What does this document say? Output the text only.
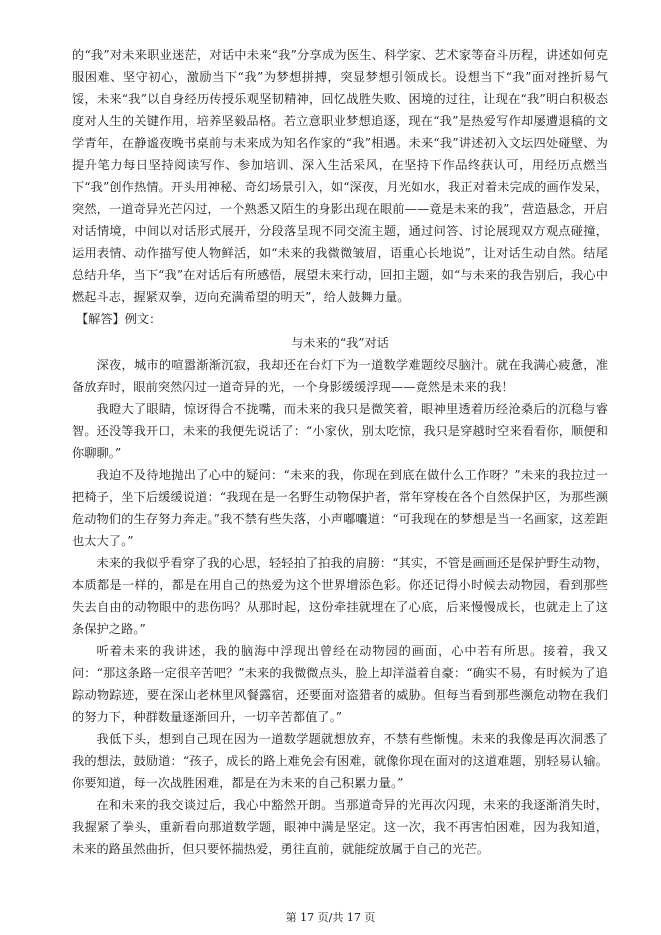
的“我”对未来职业迷茫，对话中未来“我”分享成为医生、科学家、艺术家等奋斗历程，讲述如何克服困难、坚守初心，激励当下“我”为梦想拼搏，突显梦想引领成长。设想当下“我”面对挫折易气馁，未来“我”以自身经历传授乐观坚韧精神，回忆战胜失败、困境的过往，让现在“我”明白积极态度对人生的关键作用，培养坚毅品格。若立意职业梦想追逐，现在“我”是热爱写作却屡遭退稿的文学青年，在静谧夜晚书桌前与未来成为知名作家的“我”相遇。未来“我”讲述初入文坛四处碰壁、为提升笔力每日坚持阅读写作、参加培训、深入生活采风，在坚持下作品终获认可，用经历点燃当下“我”创作热情。开头用神秘、奇幻场景引入，如“深夜，月光如水，我正对着未完成的画作发呆，突然，一道奇异光芒闪过，一个熟悉又陌生的身影出现在眼前——竟是未来的我”，营造悬念，开启对话情境，中间以对话形式展开，分段落呈现不同交流主题，通过问答、讨论展现双方观点碰撞，运用表情、动作描写使人物鲜活，如“未来的我微微皱眉，语重心长地说”，让对话生动自然。结尾总结升华，当下“我”在对话后有所感悟，展望未来行动，回扣主题，如“与未来的我告别后，我心中燃起斗志，握紧双拳，迈向充满希望的明天”，给人鼓舞力量。

【解答】例文：

与未来的“我”对话

深夜，城市的喧嚣渐渐沉寂，我却还在台灯下为一道数学难题绞尽脑汁。就在我满心疲惫，准备放弃时，眼前突然闪过一道奇异的光，一个身影缓缓浮现——竟然是未来的我！

我瞪大了眼睛，惊讶得合不拢嘴，而未来的我只是微笑着，眼神里透着历经沧桑后的沉稳与睿智。还没等我开口，未来的我便先说话了：“小家伙，别太吃惊，我只是穿越时空来看看你，顺便和你聊聊。”

我迫不及待地抛出了心中的疑问：“未来的我，你现在到底在做什么工作呀？”未来的我拉过一把椅子，坐下后缓缓说道：“我现在是一名野生动物保护者，常年穿梭在各个自然保护区，为那些濒危动物们的生存努力奔走。”我不禁有些失落，小声嘟囔道：“可我现在的梦想是当一名画家，这差距也太大了。”

未来的我似乎看穿了我的心思，轻轻拍了拍我的肩膀：“其实，不管是画画还是保护野生动物，本质都是一样的，都是在用自己的热爱为这个世界增添色彩。你还记得小时候去动物园，看到那些失去自由的动物眼中的悲伤吗？从那时起，这份牵挂就埋在了心底，后来慢慢成长，也就走上了这条保护之路。”

听着未来的我讲述，我的脑海中浮现出曾经在动物园的画面，心中若有所思。接着，我又问：“那这条路一定很辛苦吧？”未来的我微微点头，脸上却洋溢着自豪：“确实不易，有时候为了追踪动物踪迹，要在深山老林里风餐露宿，还要面对盗猎者的威胁。但每当看到那些濒危动物在我们的努力下，种群数量逐渐回升，一切辛苦都值了。”

我低下头，想到自己现在因为一道数学题就想放弃，不禁有些惭愧。未来的我像是再次洞悉了我的想法，鼓励道：“孩子，成长的路上难免会有困难，就像你现在面对的这道难题，别轻易认输。你要知道，每一次战胜困难，都是在为未来的自己积累力量。”

在和未来的我交谈过后，我心中豁然开朗。当那道奇异的光再次闪现，未来的我逐渐消失时，我握紧了拳头，重新看向那道数学题，眼神中满是坚定。这一次，我不再害怕困难，因为我知道，未来的路虽然曲折，但只要怀揣热爱，勇往直前，就能绽放属于自己的光芒。

第 17 页/共 17 页
